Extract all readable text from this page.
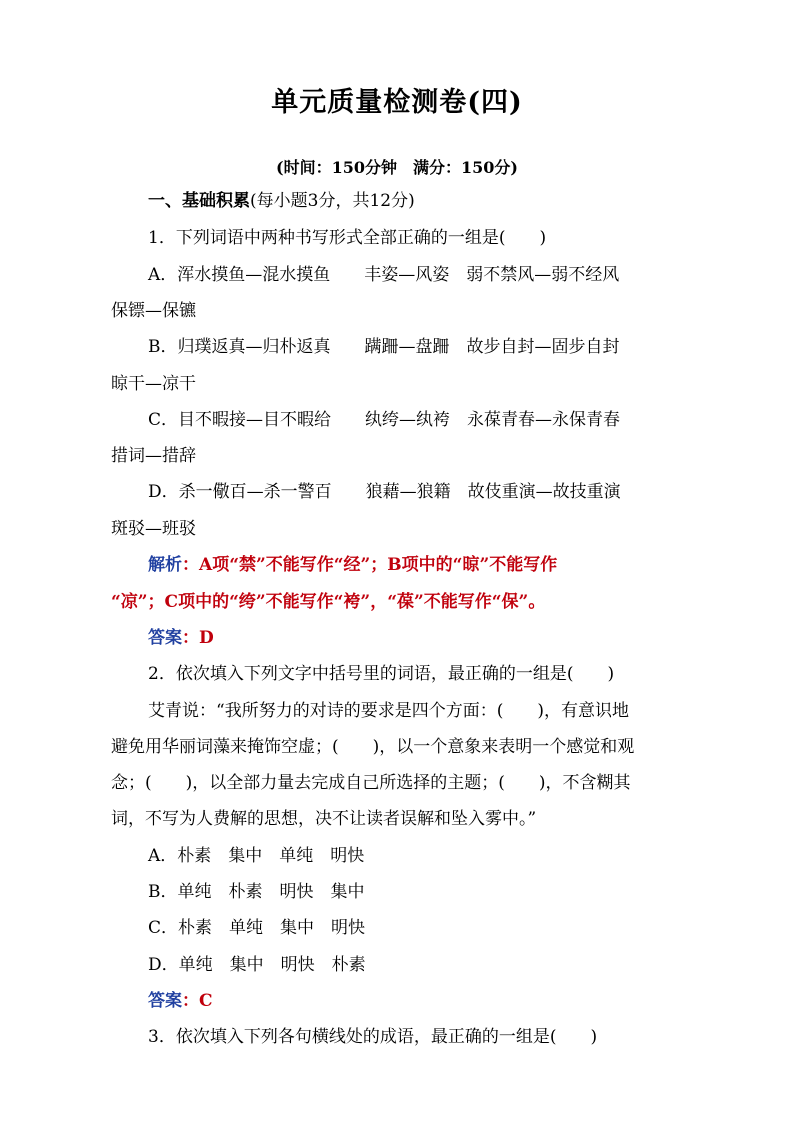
单元质量检测卷(四)
(时间：150分钟　满分：150分)
一、基础积累(每小题3分，共12分)
1．下列词语中两种书写形式全部正确的一组是(　　)
A．浑水摸鱼—混水摸鱼　　丰姿—风姿　弱不禁风—弱不经风
保镖—保镳
B．归璞返真—归朴返真　　蹒跚—盘跚　故步自封—固步自封
晾干—凉干
C．目不暇接—目不暇给　　纨绔—纨袴　永葆青春—永保青春
措词—措辞
D．杀一儆百—杀一警百　　狼藉—狼籍　故伎重演—故技重演
斑驳—班驳
解析：A项“禁”不能写作“经”；B项中的“晾”不能写作
“凉”；C项中的“绔”不能写作“袴”，“葆”不能写作“保”。
答案：D
2．依次填入下列文字中括号里的词语，最正确的一组是(　　)
艾青说：“我所努力的对诗的要求是四个方面：(　　)，有意识地
避免用华丽词藻来掩饰空虚；(　　)，以一个意象来表明一个感觉和观
念；(　　)，以全部力量去完成自己所选择的主题；(　　)，不含糊其
词，不写为人费解的思想，决不让读者误解和坠入雾中。”
A．朴素　集中　单纯　明快
B．单纯　朴素　明快　集中
C．朴素　单纯　集中　明快
D．单纯　集中　明快　朴素
答案：C
3．依次填入下列各句横线处的成语，最正确的一组是(　　)
